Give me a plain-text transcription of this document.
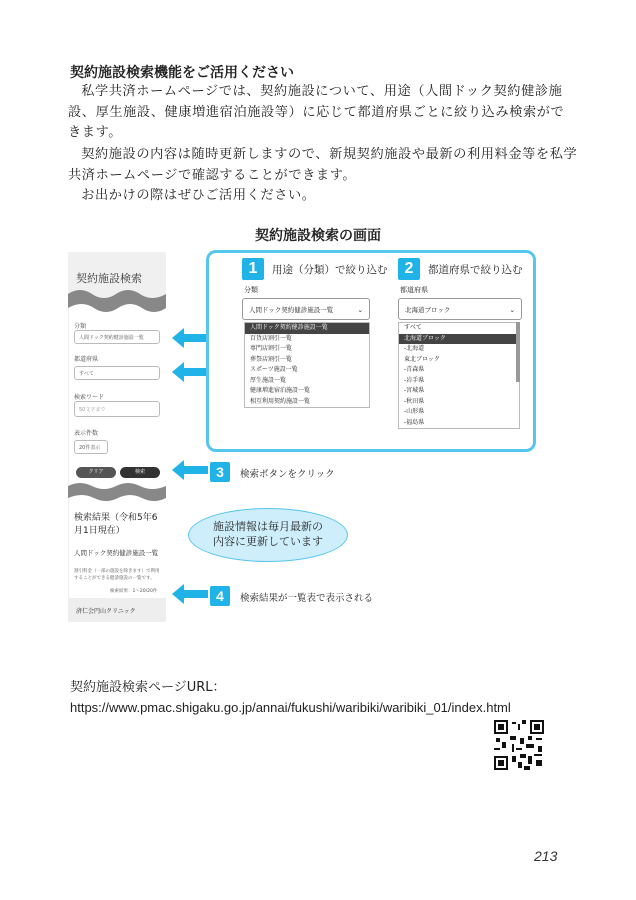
契約施設検索機能をご活用ください

私学共済ホームページでは、契約施設について、用途（人間ドック契約健診施設、厚生施設、健康増進宿泊施設等）に応じて都道府県ごとに絞り込み検索ができます。

契約施設の内容は随時更新しますので、新規契約施設や最新の利用料金等を私学共済ホームページで確認することができます。

お出かけの際はぜひご活用ください。

契約施設検索の画面
契約施設検索
分類
人間ドック契約健診施設一覧
都道府県
すべて
検索ワード
50文字まで
表示件数
20件表示
クリア	検索
検索結果（令和5年6月1日現在）
人間ドック契約健診施設一覧
割引料金（一部の施設を除きます）で利用することができる健診施設の一覧です。
検索結果：1〜20/20件
済仁会円山クリニック
1	用途（分類）で絞り込む	2	都道府県で絞り込む
分類
人間ドック契約健診施設一覧	⌄
人間ドック契約健診施設一覧
百貨店割引一覧
専門店割引一覧
葬祭店割引一覧
スポーツ施設一覧
厚生施設一覧
健康増進宿泊施設一覧
相互利用契約施設一覧
都道府県
北海道ブロック	⌄
すべて
北海道ブロック
-北海道
東北ブロック
-青森県
-岩手県
-宮城県
-秋田県
-山形県
-福島県
3	検索ボタンをクリック
施設情報は毎月最新の内容に更新しています
4	検索結果が一覧表で表示される
契約施設検索ページURL：
https://www.pmac.shigaku.go.jp/annai/fukushi/waribiki/waribiki_01/index.html
213
